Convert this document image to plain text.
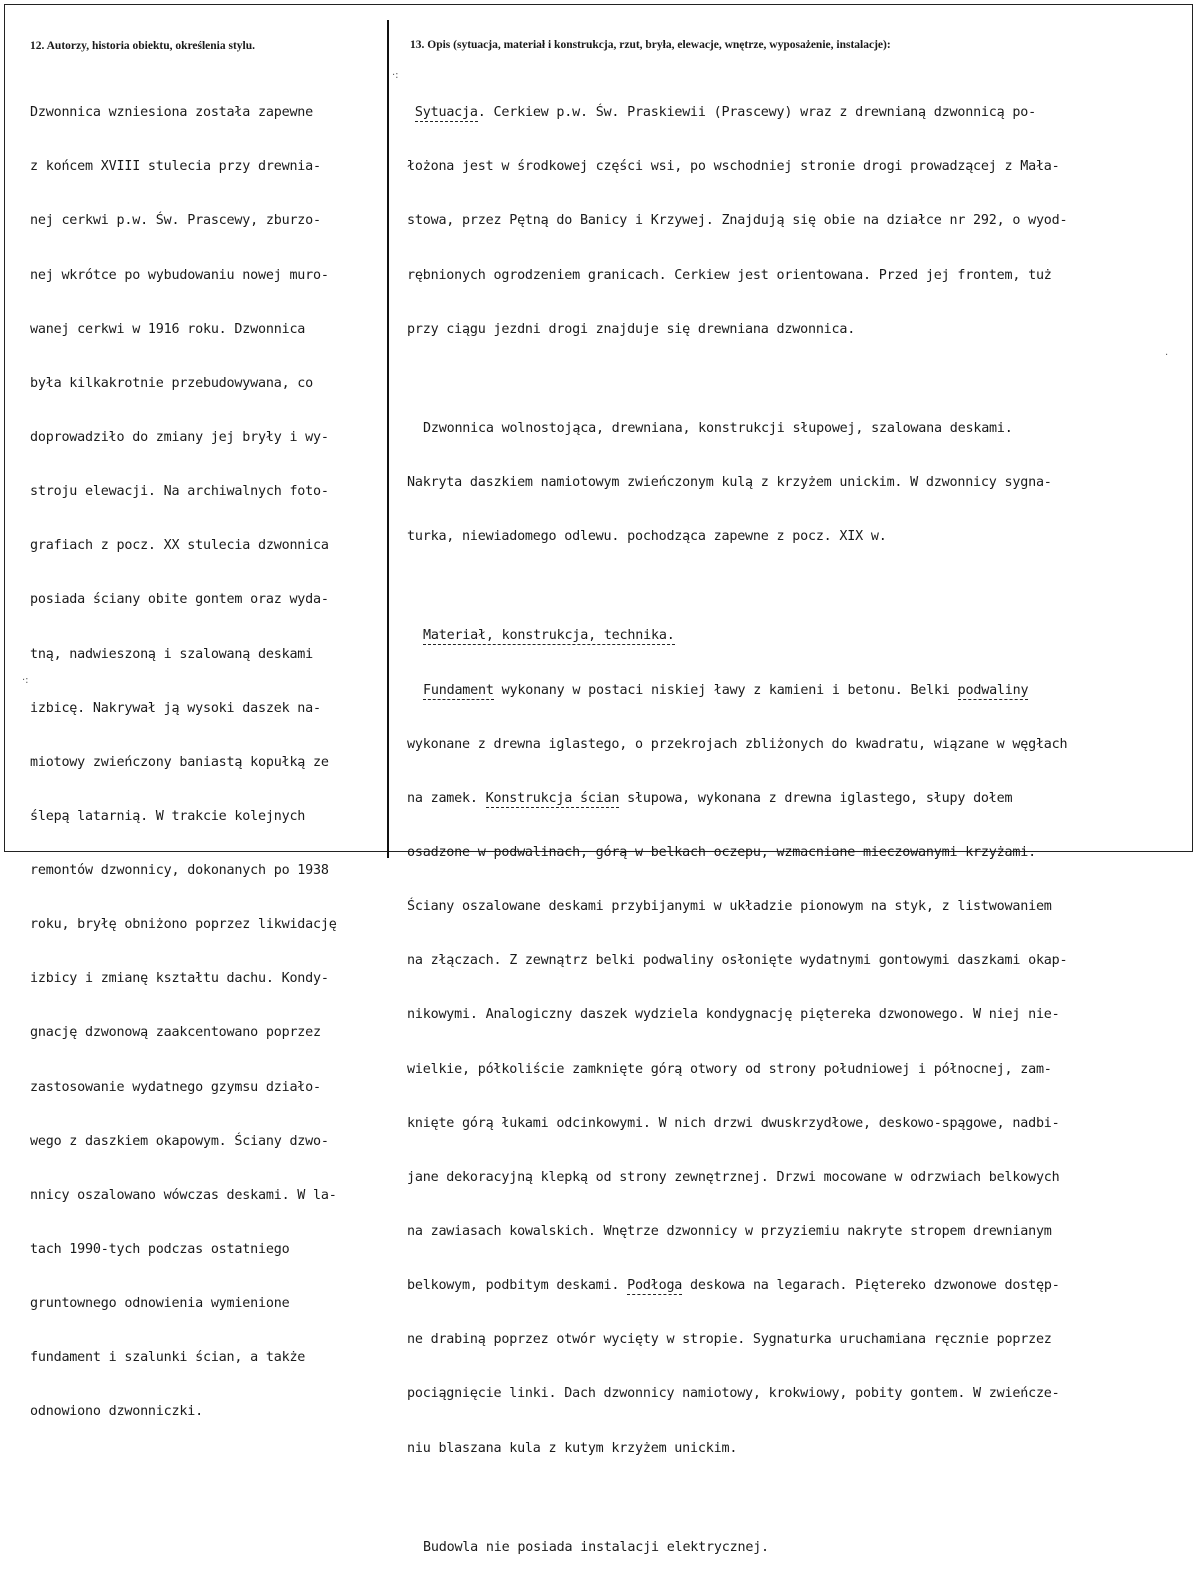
12. Autorzy, historia obiektu, określenia stylu.	13. Opis (sytuacja, materiał i konstrukcja, rzut, bryła, elewacje, wnętrze, wyposażenie, instalacje):

Dzwonnica wzniesiona została zapewne

z końcem XVIII stulecia przy drewnia-

nej cerkwi p.w. Św. Prascewy, zburzo-

nej wkrótce po wybudowaniu nowej muro-

wanej cerkwi w 1916 roku. Dzwonnica

była kilkakrotnie przebudowywana, co

doprowadziło do zmiany jej bryły i wy-

stroju elewacji. Na archiwalnych foto-

grafiach z pocz. XX stulecia dzwonnica

posiada ściany obite gontem oraz wyda-

tną, nadwieszoną i szalowaną deskami

izbicę. Nakrywał ją wysoki daszek na-

miotowy zwieńczony baniastą kopułką ze

ślepą latarnią. W trakcie kolejnych

remontów dzwonnicy, dokonanych po 1938

roku, bryłę obniżono poprzez likwidację

izbicy i zmianę kształtu dachu. Kondy-

gnację dzwonową zaakcentowano poprzez

zastosowanie wydatnego gzymsu działo-

wego z daszkiem okapowym. Ściany dzwo-

nnicy oszalowano wówczas deskami. W la-

tach 1990-tych podczas ostatniego

gruntownego odnowienia wymienione

fundament i szalunki ścian, a także

odnowiono dzwonniczki.

Sytuacja. Cerkiew p.w. Św. Praskiewii (Prascewy) wraz z drewnianą dzwonnicą po-

łożona jest w środkowej części wsi, po wschodniej stronie drogi prowadzącej z Mała-

stowa, przez Pętną do Banicy i Krzywej. Znajdują się obie na działce nr 292, o wyod-

rębnionych ogrodzeniem granicach. Cerkiew jest orientowana. Przed jej frontem, tuż

przy ciągu jezdni drogi znajduje się drewniana dzwonnica.

Dzwonnica wolnostojąca, drewniana, konstrukcji słupowej, szalowana deskami.

Nakryta daszkiem namiotowym zwieńczonym kulą z krzyżem unickim. W dzwonnicy sygna-

turka, niewiadomego odlewu. pochodząca zapewne z pocz. XIX w.

Materiał, konstrukcja, technika.

Fundament wykonany w postaci niskiej ławy z kamieni i betonu. Belki podwaliny

wykonane z drewna iglastego, o przekrojach zbliżonych do kwadratu, wiązane w węgłach

na zamek. Konstrukcja ścian słupowa, wykonana z drewna iglastego, słupy dołem

osadzone w podwalinach, górą w belkach oczepu, wzmacniane mieczowanymi krzyżami.

Ściany oszalowane deskami przybijanymi w układzie pionowym na styk, z listwowaniem

na złączach. Z zewnątrz belki podwaliny osłonięte wydatnymi gontowymi daszkami okap-

nikowymi. Analogiczny daszek wydziela kondygnację piętereka dzwonowego. W niej nie-

wielkie, półkoliście zamknięte górą otwory od strony południowej i północnej, zam-

knięte górą łukami odcinkowymi. W nich drzwi dwuskrzydłowe, deskowo-spągowe, nadbi-

jane dekoracyjną klepką od strony zewnętrznej. Drzwi mocowane w odrzwiach belkowych

na zawiasach kowalskich. Wnętrze dzwonnicy w przyziemiu nakryte stropem drewnianym

belkowym, podbitym deskami. Podłoga deskowa na legarach. Piętereko dzwonowe dostęp-

ne drabiną poprzez otwór wycięty w stropie. Sygnaturka uruchamiana ręcznie poprzez

pociągnięcie linki. Dach dzwonnicy namiotowy, krokwiowy, pobity gontem. W zwieńcze-

niu blaszana kula z kutym krzyżem unickim.

Budowla nie posiada instalacji elektrycznej.

·:
·
·:
